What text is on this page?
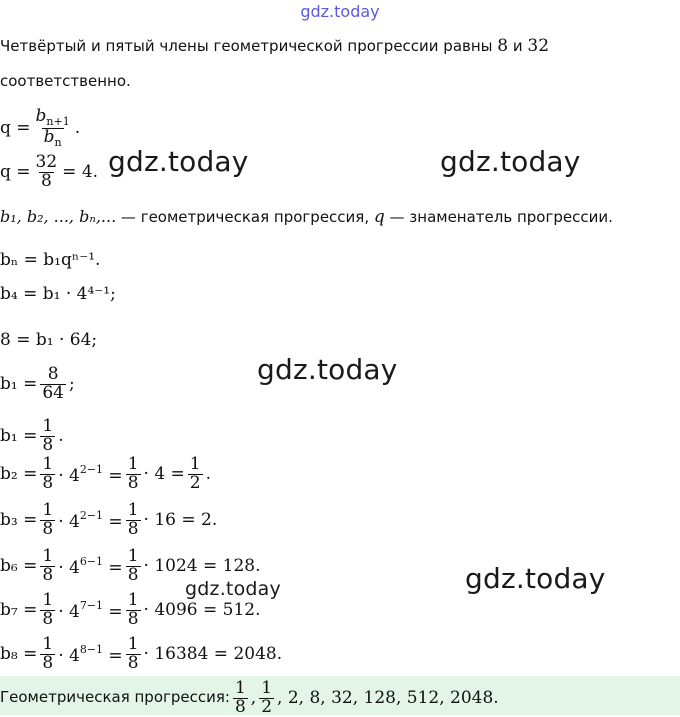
gdz.today
gdz.today	gdz.today
gdz.today
gdz.today
gdz.today
Четвёртый и пятый члены геометрической прогрессии равны 8 и 32
соответственно.
$q = \frac{b_{n+1}}{b_n}$ .
$q = \frac{32}{8} = 4$.
b₁, b₂, ..., bₙ,... — геометрическая прогрессия, q — знаменатель прогрессии.
bₙ = b₁qⁿ⁻¹.
b₄ = b₁ · 4⁴⁻¹;
8 = b₁ · 64;
$b_1 = \frac{8}{64}$ ;
$b_1 = \frac{1}{8}$ .
$b_2 = \frac{1}{8} \cdot 4^{2-1} = \frac{1}{8} \cdot 4 = \frac{1}{2}$ .
$b_3 = \frac{1}{8} \cdot 4^{2-1} = \frac{1}{8} \cdot 16 = 2$.
$b_6 = \frac{1}{8} \cdot 4^{6-1} = \frac{1}{8} \cdot 1024 = 128$.
$b_7 = \frac{1}{8} \cdot 4^{7-1} = \frac{1}{8} \cdot 4096 = 512$.
$b_8 = \frac{1}{8} \cdot 4^{8-1} = \frac{1}{8} \cdot 16384 = 2048$.
Геометрическая прогрессия: $\frac{1}{8}$ , $\frac{1}{2}$ , 2, 8, 32, 128, 512, 2048.
